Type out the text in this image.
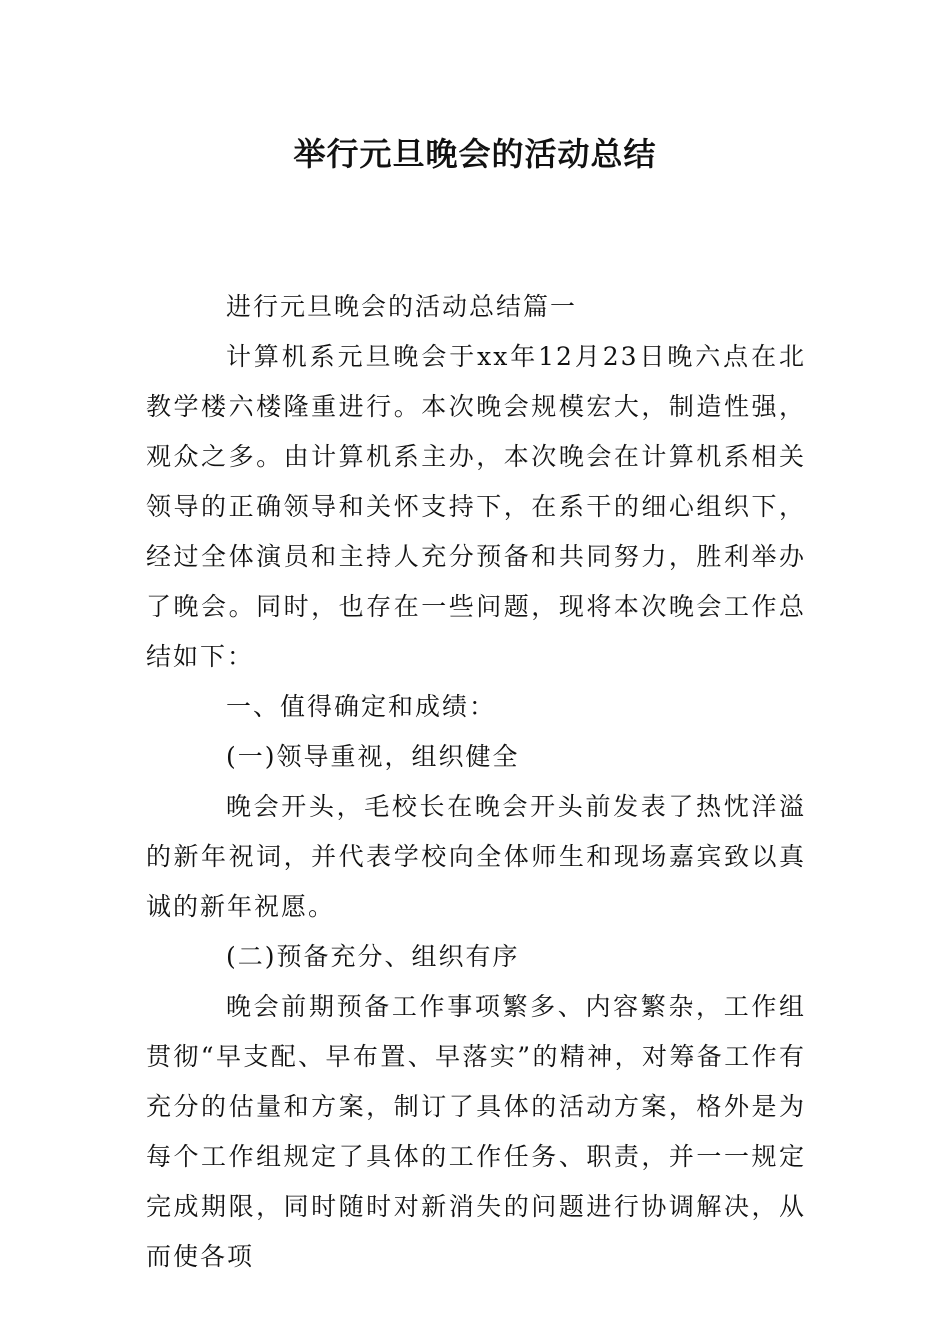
举行元旦晚会的活动总结

进行元旦晚会的活动总结篇一

计算机系元旦晚会于xx年12月23日晚六点在北教学楼六楼隆重进行。本次晚会规模宏大，制造性强，观众之多。由计算机系主办，本次晚会在计算机系相关领导的正确领导和关怀支持下，在系干的细心组织下，经过全体演员和主持人充分预备和共同努力，胜利举办了晚会。同时，也存在一些问题，现将本次晚会工作总结如下：

一、值得确定和成绩：

(一)领导重视，组织健全

晚会开头，毛校长在晚会开头前发表了热忱洋溢的新年祝词，并代表学校向全体师生和现场嘉宾致以真诚的新年祝愿。

(二)预备充分、组织有序

晚会前期预备工作事项繁多、内容繁杂，工作组贯彻“早支配、早布置、早落实”的精神，对筹备工作有充分的估量和方案，制订了具体的活动方案，格外是为每个工作组规定了具体的工作任务、职责，并一一规定完成期限，同时随时对新消失的问题进行协调解决，从而使各项
